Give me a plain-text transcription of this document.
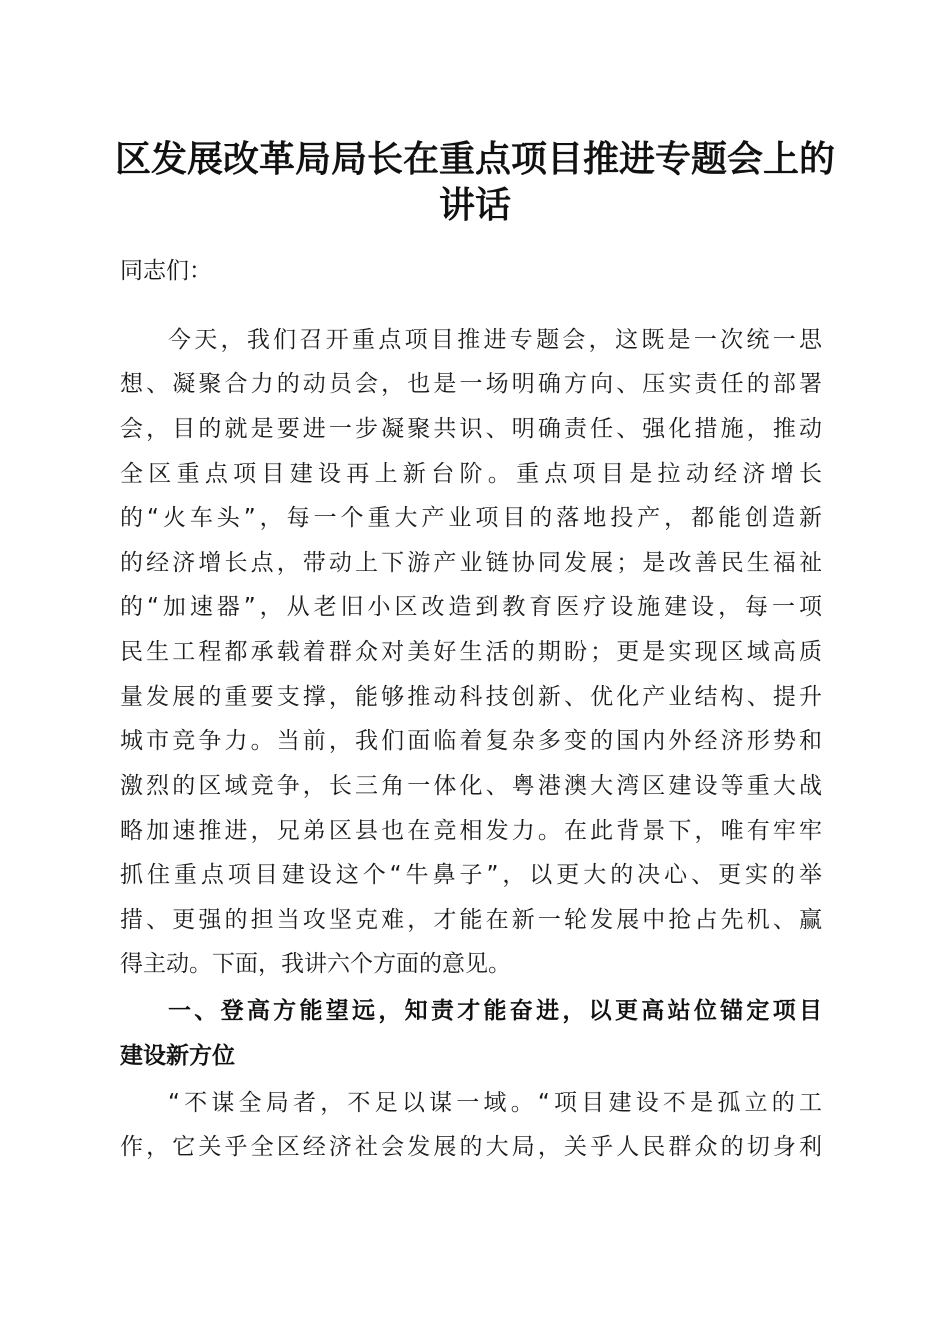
区发展改革局局长在重点项目推进专题会上的
讲话
同志们：
今天，我们召开重点项目推进专题会，这既是一次统一思
想、凝聚合力的动员会，也是一场明确方向、压实责任的部署
会，目的就是要进一步凝聚共识、明确责任、强化措施，推动
全区重点项目建设再上新台阶。重点项目是拉动经济增长
的“火车头”，每一个重大产业项目的落地投产，都能创造新
的经济增长点，带动上下游产业链协同发展；是改善民生福祉
的“加速器”，从老旧小区改造到教育医疗设施建设，每一项
民生工程都承载着群众对美好生活的期盼；更是实现区域高质
量发展的重要支撑，能够推动科技创新、优化产业结构、提升
城市竞争力。当前，我们面临着复杂多变的国内外经济形势和
激烈的区域竞争，长三角一体化、粤港澳大湾区建设等重大战
略加速推进，兄弟区县也在竞相发力。在此背景下，唯有牢牢
抓住重点项目建设这个“牛鼻子”，以更大的决心、更实的举
措、更强的担当攻坚克难，才能在新一轮发展中抢占先机、赢
得主动。下面，我讲六个方面的意见。
一、登高方能望远，知责才能奋进，以更高站位锚定项目
建设新方位
“不谋全局者，不足以谋一域。“项目建设不是孤立的工
作，它关乎全区经济社会发展的大局，关乎人民群众的切身利
